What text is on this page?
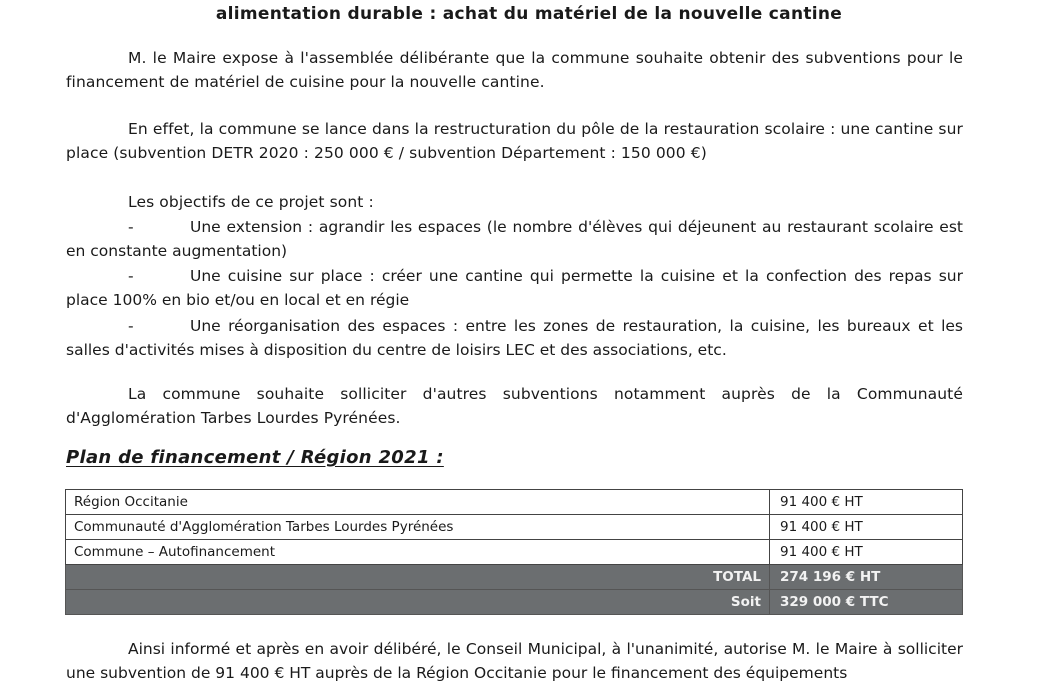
alimentation durable : achat du matériel de la nouvelle cantine
M. le Maire expose à l'assemblée délibérante que la commune souhaite obtenir des subventions pour le financement de matériel de cuisine pour la nouvelle cantine.
En effet, la commune se lance dans la restructuration du pôle de la restauration scolaire : une cantine sur place (subvention DETR 2020 : 250 000 € / subvention Département : 150 000 €)
Les objectifs de ce projet sont :
-	Une extension : agrandir les espaces (le nombre d'élèves qui déjeunent au restaurant scolaire est en constante augmentation)
-	Une cuisine sur place : créer une cantine qui permette la cuisine et la confection des repas sur place 100% en bio et/ou en local et en régie
-	Une réorganisation des espaces : entre les zones de restauration, la cuisine, les bureaux et les salles d'activités mises à disposition du centre de loisirs LEC et des associations, etc.
La commune souhaite solliciter d'autres subventions notamment auprès de la Communauté d'Agglomération Tarbes Lourdes Pyrénées.
Plan de financement / Région 2021 :
Région Occitanie	91 400 € HT
Communauté d'Agglomération Tarbes Lourdes Pyrénées	91 400 € HT
Commune – Autofinancement	91 400 € HT
TOTAL	274 196 € HT
Soit	329 000 € TTC
Ainsi informé et après en avoir délibéré, le Conseil Municipal, à l'unanimité, autorise M. le Maire à solliciter une subvention de 91 400 € HT auprès de la Région Occitanie pour le financement des équipements
